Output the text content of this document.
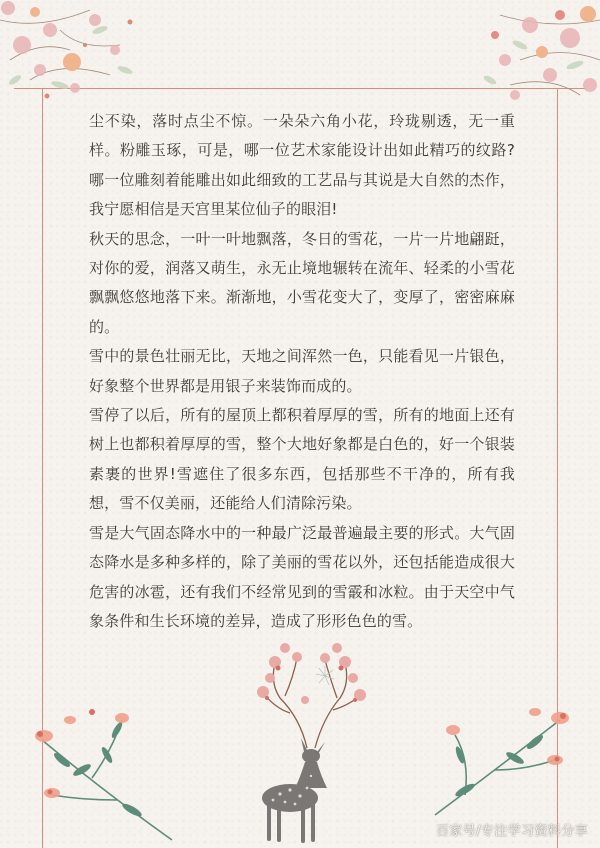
尘不染，落时点尘不惊。一朵朵六角小花，玲珑剔透，无一重样。粉雕玉琢，可是，哪一位艺术家能设计出如此精巧的纹路?哪一位雕刻着能雕出如此细致的工艺品与其说是大自然的杰作，我宁愿相信是天宫里某位仙子的眼泪!

秋天的思念，一叶一叶地飘落，冬日的雪花，一片一片地翩跹，对你的爱，润落又萌生，永无止境地辗转在流年、轻柔的小雪花飘飘悠悠地落下来。渐渐地，小雪花变大了，变厚了，密密麻麻的。

雪中的景色壮丽无比，天地之间浑然一色，只能看见一片银色，好象整个世界都是用银子来装饰而成的。

雪停了以后，所有的屋顶上都积着厚厚的雪，所有的地面上还有树上也都积着厚厚的雪，整个大地好象都是白色的，好一个银装素裹的世界!雪遮住了很多东西，包括那些不干净的，所有我想，雪不仅美丽，还能给人们清除污染。

雪是大气固态降水中的一种最广泛最普遍最主要的形式。大气固态降水是多种多样的，除了美丽的雪花以外，还包括能造成很大危害的冰雹，还有我们不经常见到的雪霰和冰粒。由于天空中气象条件和生长环境的差异，造成了形形色色的雪。

百家号/专注学习资料分享
